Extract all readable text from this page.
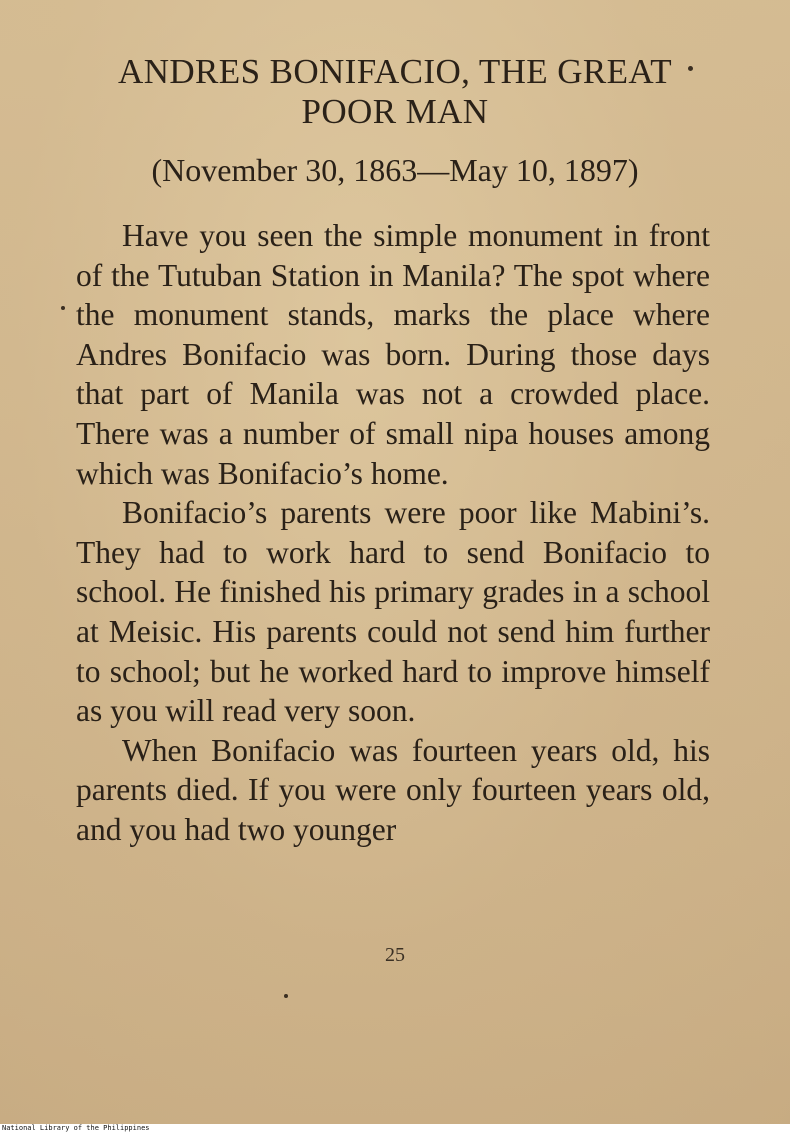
ANDRES BONIFACIO, THE GREAT
POOR MAN
(November 30, 1863—May 10, 1897)

Have you seen the simple monument in front of the Tutuban Station in Manila? The spot where the monument stands, marks the place where Andres Bonifacio was born. During those days that part of Manila was not a crowded place. There was a number of small nipa houses among which was Bonifacio’s home.

Bonifacio’s parents were poor like Mabini’s. They had to work hard to send Bonifacio to school. He finished his primary grades in a school at Meisic. His parents could not send him further to school; but he worked hard to improve himself as you will read very soon.

When Bonifacio was fourteen years old, his parents died. If you were only fourteen years old, and you had two younger

25
National Library of the Philippines
